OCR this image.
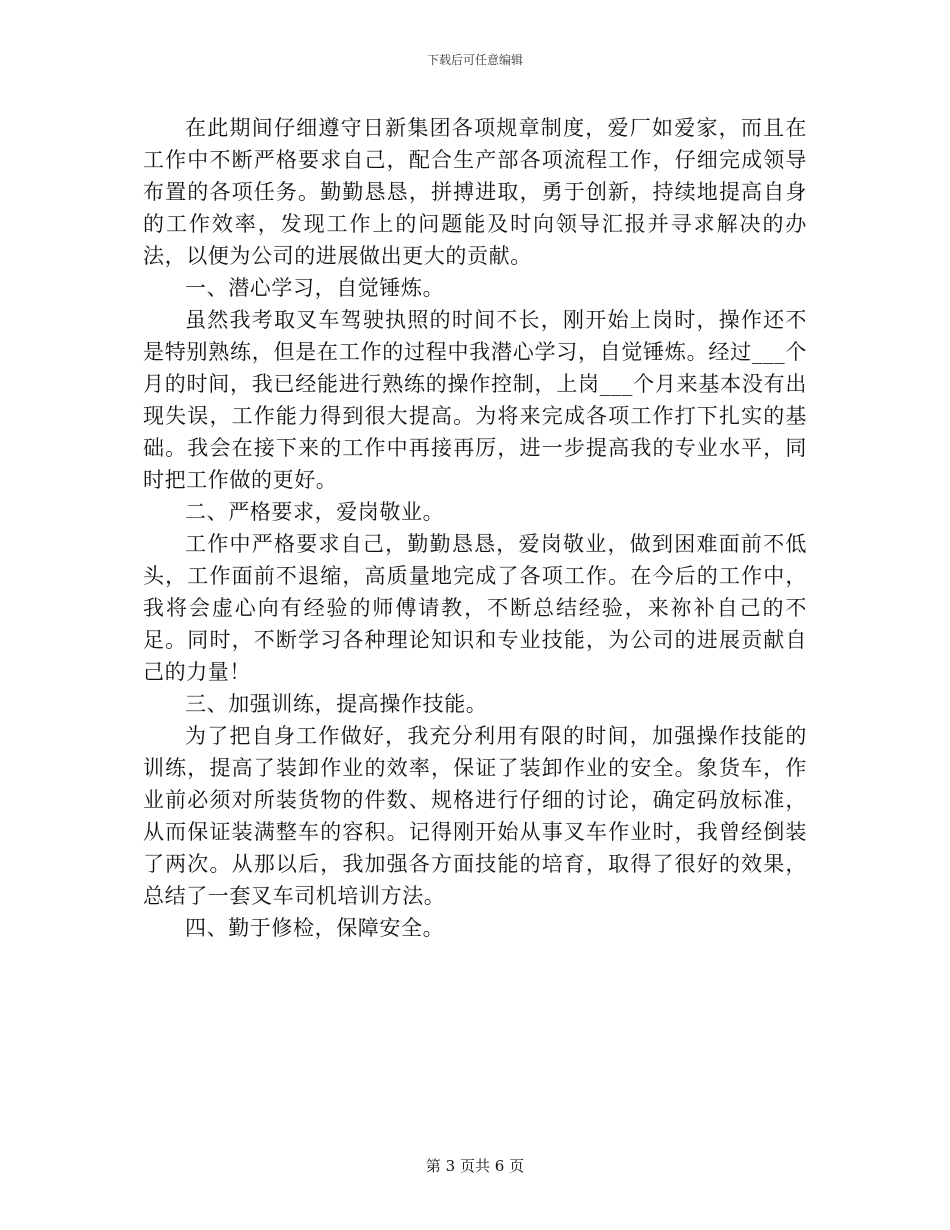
下载后可任意编辑

在此期间仔细遵守日新集团各项规章制度，爱厂如爱家，而且在工作中不断严格要求自己，配合生产部各项流程工作，仔细完成领导布置的各项任务。勤勤恳恳，拼搏进取，勇于创新，持续地提高自身的工作效率，发现工作上的问题能及时向领导汇报并寻求解决的办法，以便为公司的进展做出更大的贡献。

一、潜心学习，自觉锤炼。

虽然我考取叉车驾驶执照的时间不长，刚开始上岗时，操作还不是特别熟练，但是在工作的过程中我潜心学习，自觉锤炼。经过___个月的时间，我已经能进行熟练的操作控制，上岗___个月来基本没有出现失误，工作能力得到很大提高。为将来完成各项工作打下扎实的基础。我会在接下来的工作中再接再厉，进一步提高我的专业水平，同时把工作做的更好。

二、严格要求，爱岗敬业。

工作中严格要求自己，勤勤恳恳，爱岗敬业，做到困难面前不低头，工作面前不退缩，高质量地完成了各项工作。在今后的工作中，我将会虚心向有经验的师傅请教，不断总结经验，来祢补自己的不足。同时，不断学习各种理论知识和专业技能，为公司的进展贡献自己的力量！

三、加强训练，提高操作技能。

为了把自身工作做好，我充分利用有限的时间，加强操作技能的训练，提高了装卸作业的效率，保证了装卸作业的安全。象货车，作业前必须对所装货物的件数、规格进行仔细的讨论，确定码放标准，从而保证装满整车的容积。记得刚开始从事叉车作业时，我曾经倒装了两次。从那以后，我加强各方面技能的培育，取得了很好的效果，总结了一套叉车司机培训方法。

四、勤于修检，保障安全。

第 3 页共 6 页
